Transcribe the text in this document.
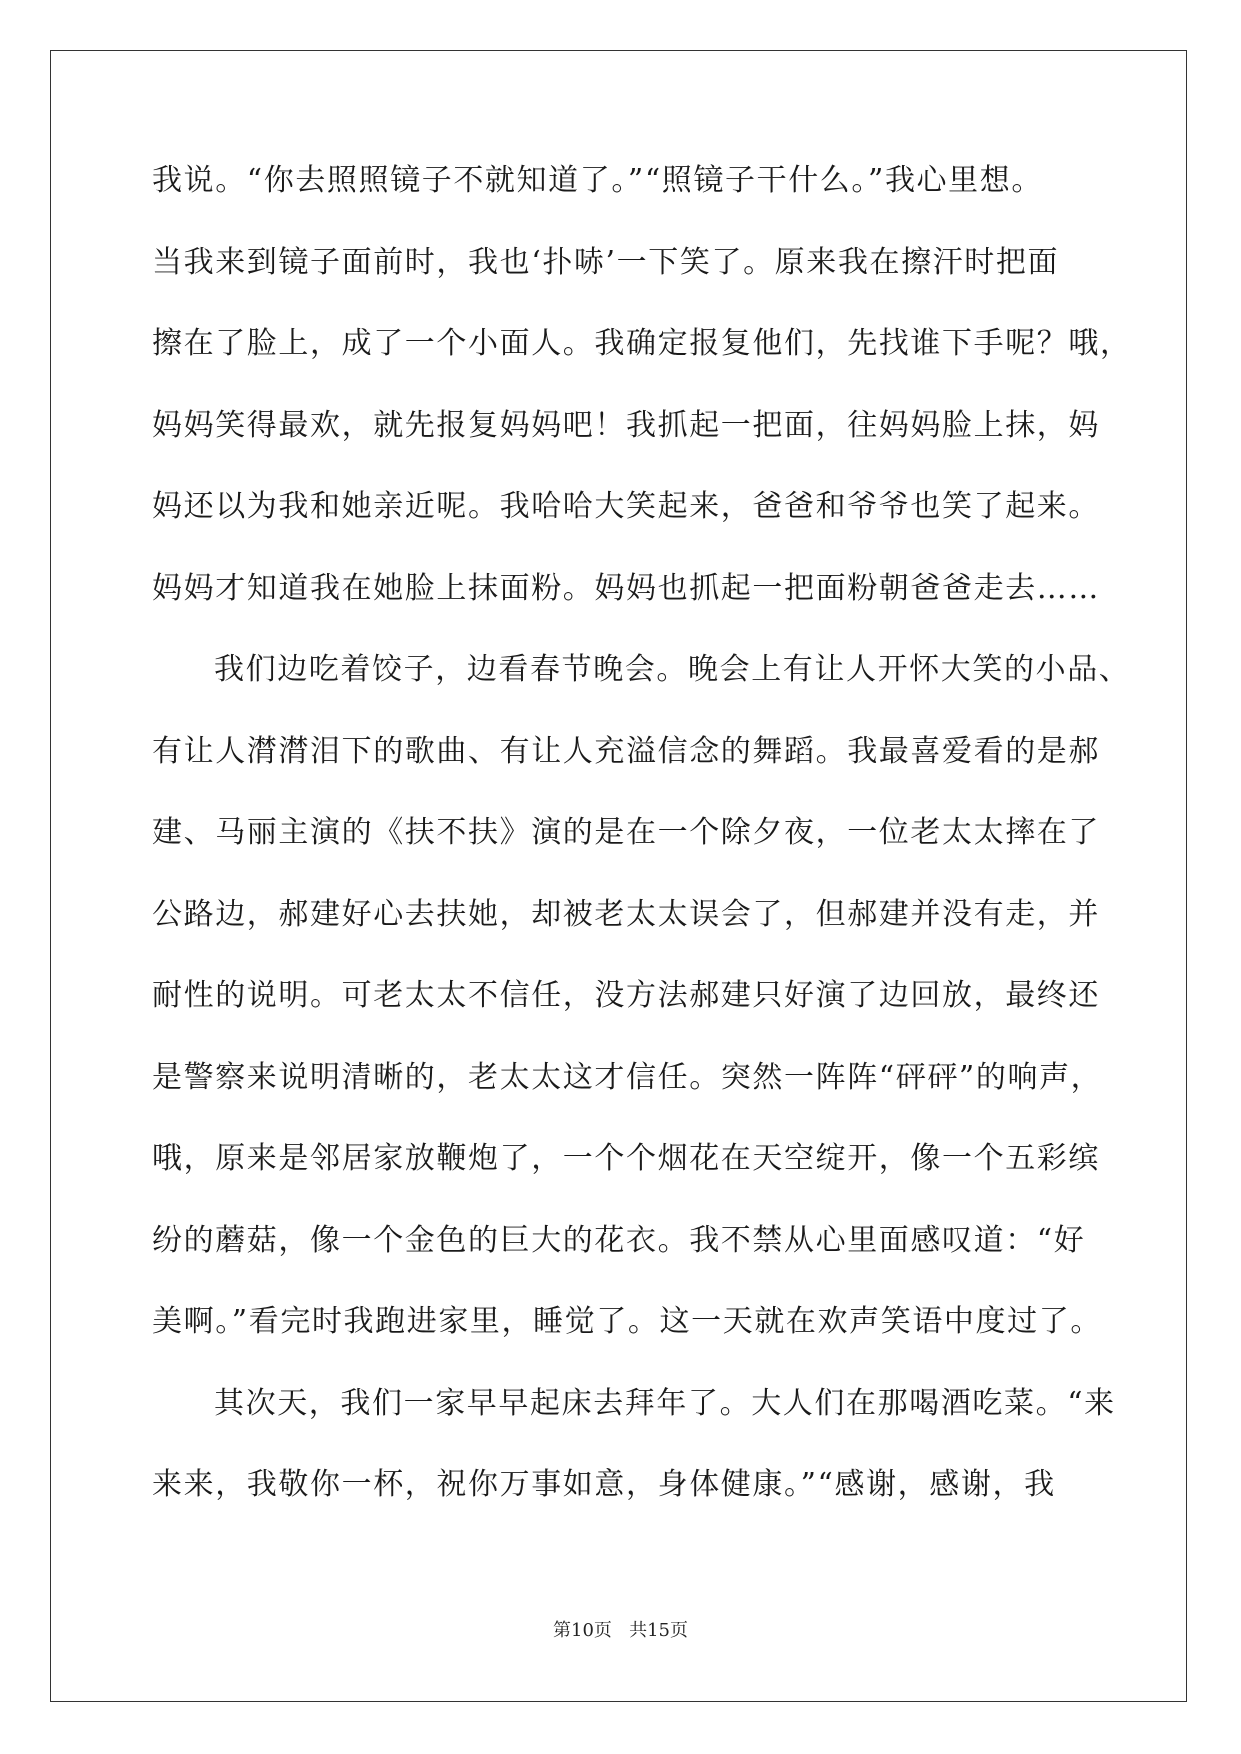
我说。“你去照照镜子不就知道了。”“照镜子干什么。”我心里想。
当我来到镜子面前时，我也‘扑哧’一下笑了。原来我在擦汗时把面
擦在了脸上，成了一个小面人。我确定报复他们，先找谁下手呢？哦，
妈妈笑得最欢，就先报复妈妈吧！我抓起一把面，往妈妈脸上抹，妈
妈还以为我和她亲近呢。我哈哈大笑起来，爸爸和爷爷也笑了起来。
妈妈才知道我在她脸上抹面粉。妈妈也抓起一把面粉朝爸爸走去……
我们边吃着饺子，边看春节晚会。晚会上有让人开怀大笑的小品、
有让人潸潸泪下的歌曲、有让人充溢信念的舞蹈。我最喜爱看的是郝
建、马丽主演的《扶不扶》演的是在一个除夕夜，一位老太太摔在了
公路边，郝建好心去扶她，却被老太太误会了，但郝建并没有走，并
耐性的说明。可老太太不信任，没方法郝建只好演了边回放，最终还
是警察来说明清晰的，老太太这才信任。突然一阵阵“砰砰”的响声，
哦，原来是邻居家放鞭炮了，一个个烟花在天空绽开，像一个五彩缤
纷的蘑菇，像一个金色的巨大的花衣。我不禁从心里面感叹道：“好
美啊。”看完时我跑进家里，睡觉了。这一天就在欢声笑语中度过了。
其次天，我们一家早早起床去拜年了。大人们在那喝酒吃菜。“来
来来，我敬你一杯，祝你万事如意，身体健康。”“感谢，感谢，我
第10页   共15页
